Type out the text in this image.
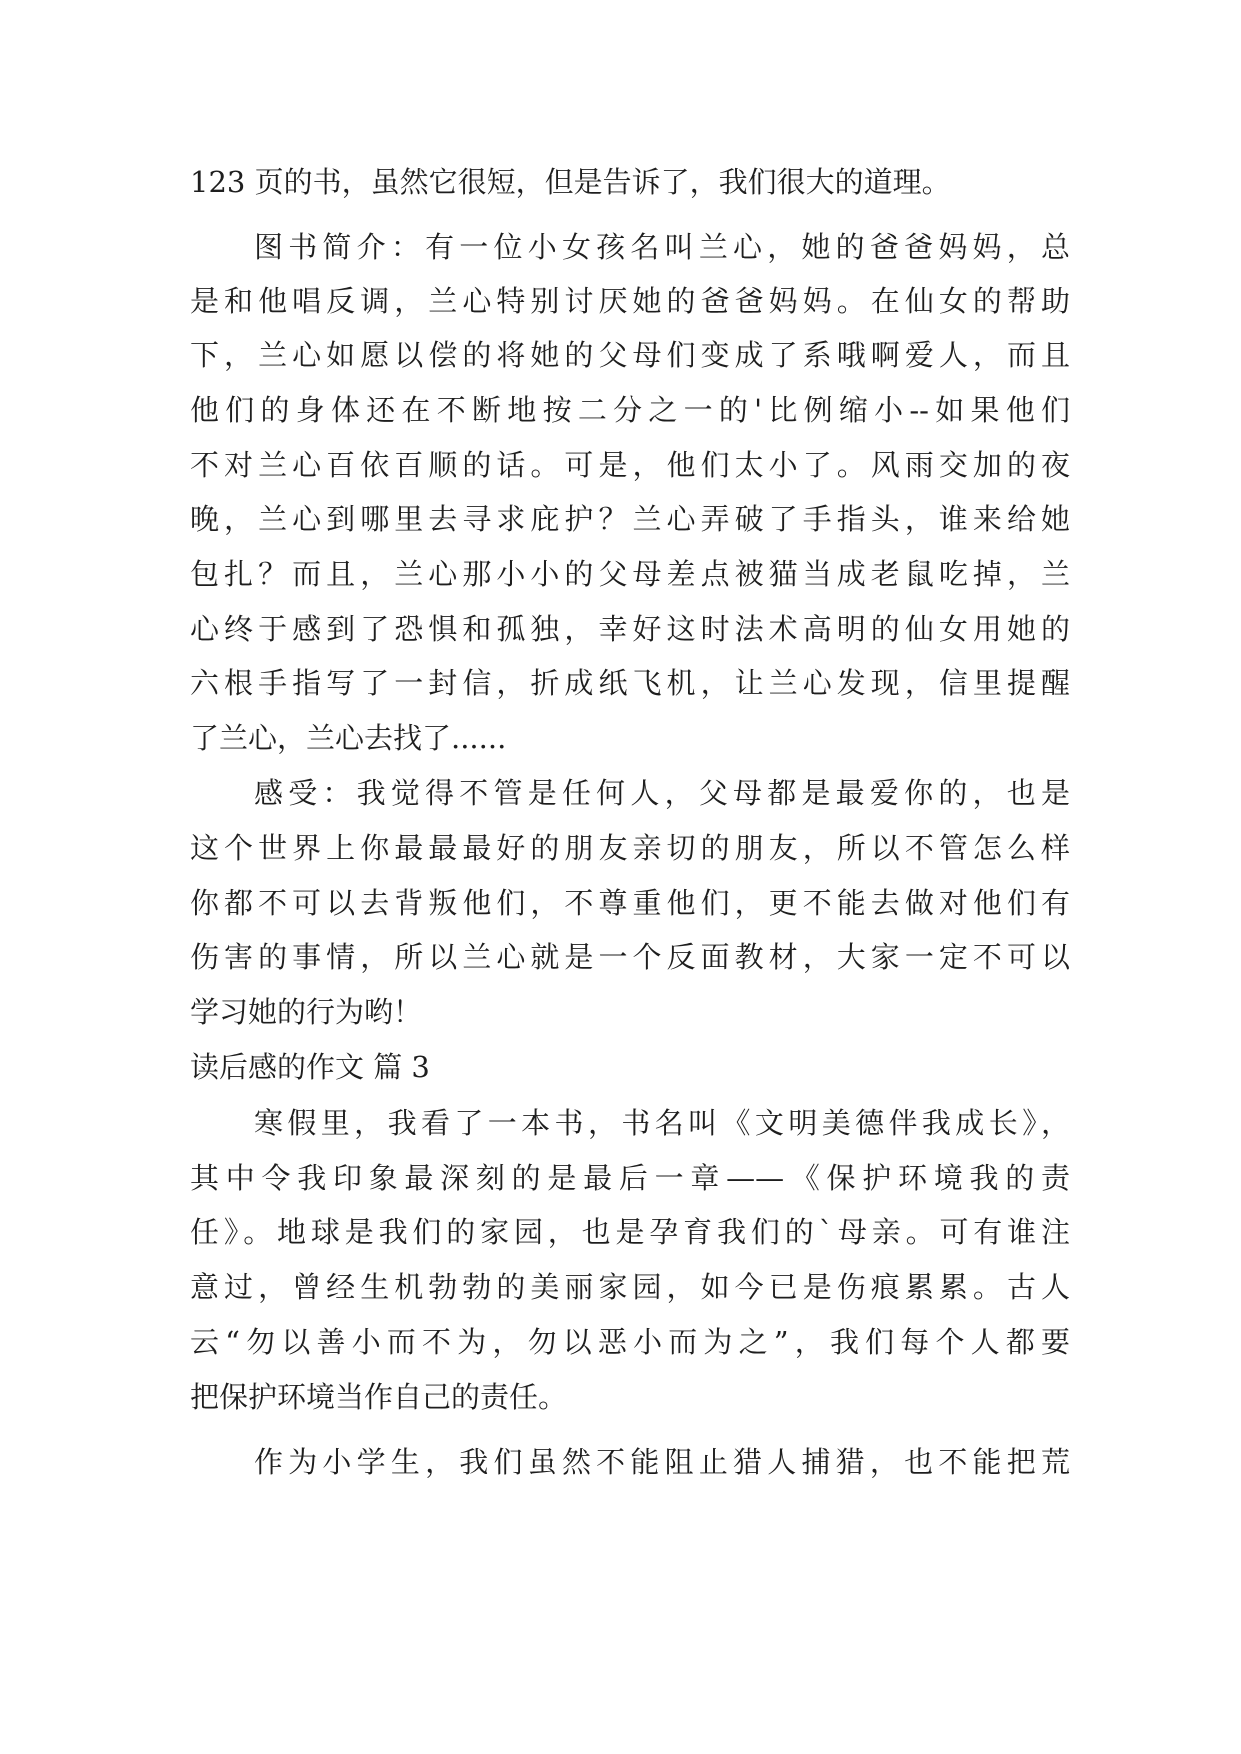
123 页的书，虽然它很短，但是告诉了，我们很大的道理。
图书简介：有一位小女孩名叫兰心，她的爸爸妈妈，总
是和他唱反调，兰心特别讨厌她的爸爸妈妈。在仙女的帮助
下，兰心如愿以偿的将她的父母们变成了系哦啊爱人，而且
他们的身体还在不断地按二分之一的'比例缩小--如果他们
不对兰心百依百顺的话。可是，他们太小了。风雨交加的夜
晚，兰心到哪里去寻求庇护？兰心弄破了手指头，谁来给她
包扎？而且，兰心那小小的父母差点被猫当成老鼠吃掉，兰
心终于感到了恐惧和孤独，幸好这时法术高明的仙女用她的
六根手指写了一封信，折成纸飞机，让兰心发现，信里提醒
了兰心，兰心去找了......
感受：我觉得不管是任何人，父母都是最爱你的，也是
这个世界上你最最最好的朋友亲切的朋友，所以不管怎么样
你都不可以去背叛他们，不尊重他们，更不能去做对他们有
伤害的事情，所以兰心就是一个反面教材，大家一定不可以
学习她的行为哟！
读后感的作文 篇 3
寒假里，我看了一本书，书名叫《文明美德伴我成长》，
其中令我印象最深刻的是最后一章——《保护环境我的责
任》。地球是我们的家园，也是孕育我们的`母亲。可有谁注
意过，曾经生机勃勃的美丽家园，如今已是伤痕累累。古人
云“勿以善小而不为，勿以恶小而为之”，我们每个人都要
把保护环境当作自己的责任。
作为小学生，我们虽然不能阻止猎人捕猎，也不能把荒
